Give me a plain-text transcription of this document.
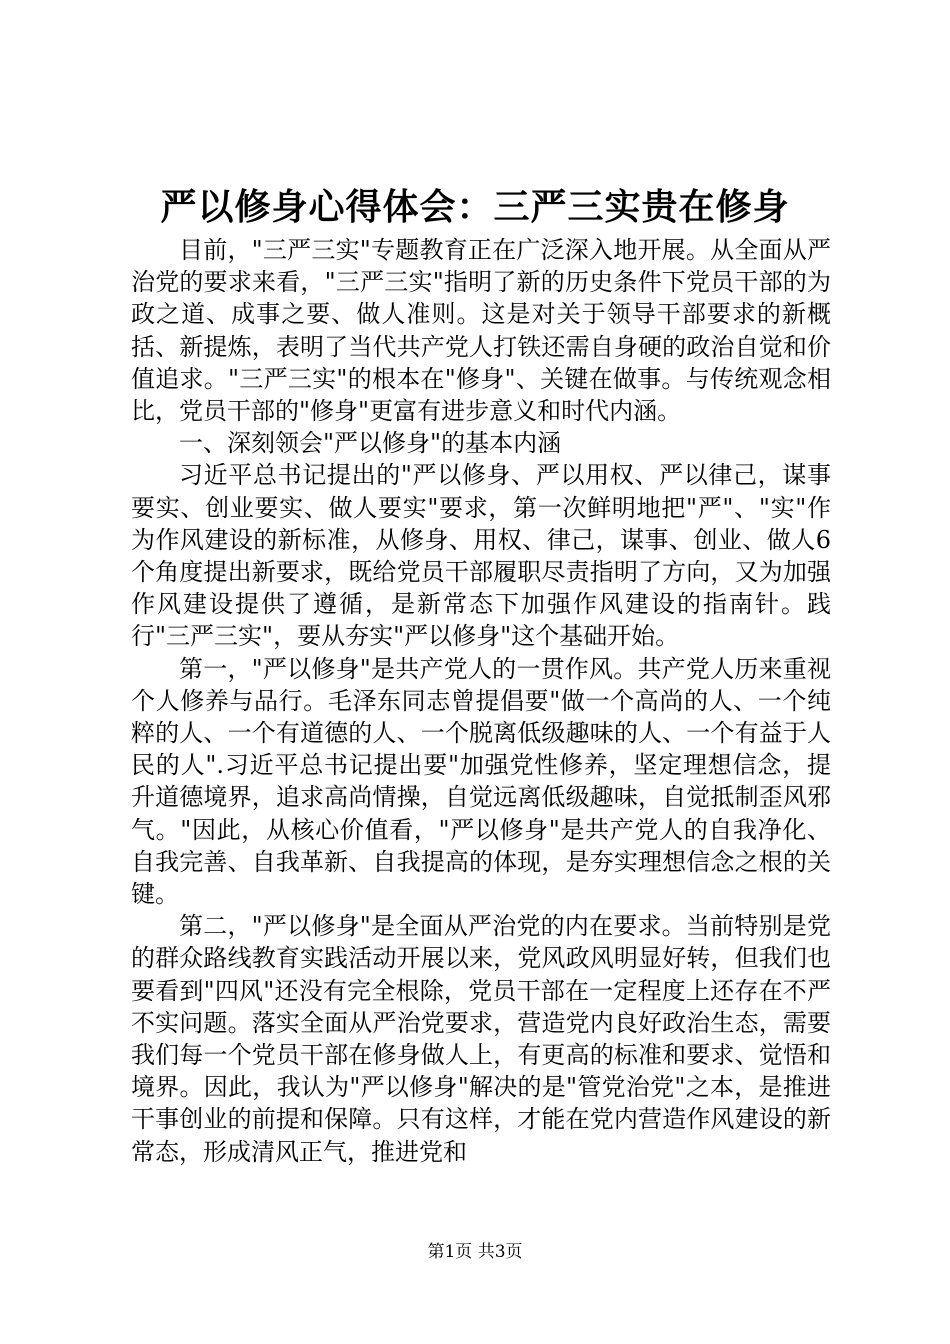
严以修身心得体会：三严三实贵在修身

目前，"三严三实"专题教育正在广泛深入地开展。从全面从严治党的要求来看，"三严三实"指明了新的历史条件下党员干部的为政之道、成事之要、做人准则。这是对关于领导干部要求的新概括、新提炼，表明了当代共产党人打铁还需自身硬的政治自觉和价值追求。"三严三实"的根本在"修身"、关键在做事。与传统观念相比，党员干部的"修身"更富有进步意义和时代内涵。

一、深刻领会"严以修身"的基本内涵

习近平总书记提出的"严以修身、严以用权、严以律己，谋事要实、创业要实、做人要实"要求，第一次鲜明地把"严"、"实"作为作风建设的新标准，从修身、用权、律己，谋事、创业、做人6个角度提出新要求，既给党员干部履职尽责指明了方向，又为加强作风建设提供了遵循，是新常态下加强作风建设的指南针。践行"三严三实"，要从夯实"严以修身"这个基础开始。

第一，"严以修身"是共产党人的一贯作风。共产党人历来重视个人修养与品行。毛泽东同志曾提倡要"做一个高尚的人、一个纯粹的人、一个有道德的人、一个脱离低级趣味的人、一个有益于人民的人".习近平总书记提出要"加强党性修养，坚定理想信念，提升道德境界，追求高尚情操，自觉远离低级趣味，自觉抵制歪风邪气。"因此，从核心价值看，"严以修身"是共产党人的自我净化、自我完善、自我革新、自我提高的体现，是夯实理想信念之根的关键。

第二，"严以修身"是全面从严治党的内在要求。当前特别是党的群众路线教育实践活动开展以来，党风政风明显好转，但我们也要看到"四风"还没有完全根除，党员干部在一定程度上还存在不严不实问题。落实全面从严治党要求，营造党内良好政治生态，需要我们每一个党员干部在修身做人上，有更高的标准和要求、觉悟和境界。因此，我认为"严以修身"解决的是"管党治党"之本，是推进干事创业的前提和保障。只有这样，才能在党内营造作风建设的新常态，形成清风正气，推进党和

第1页 共3页
